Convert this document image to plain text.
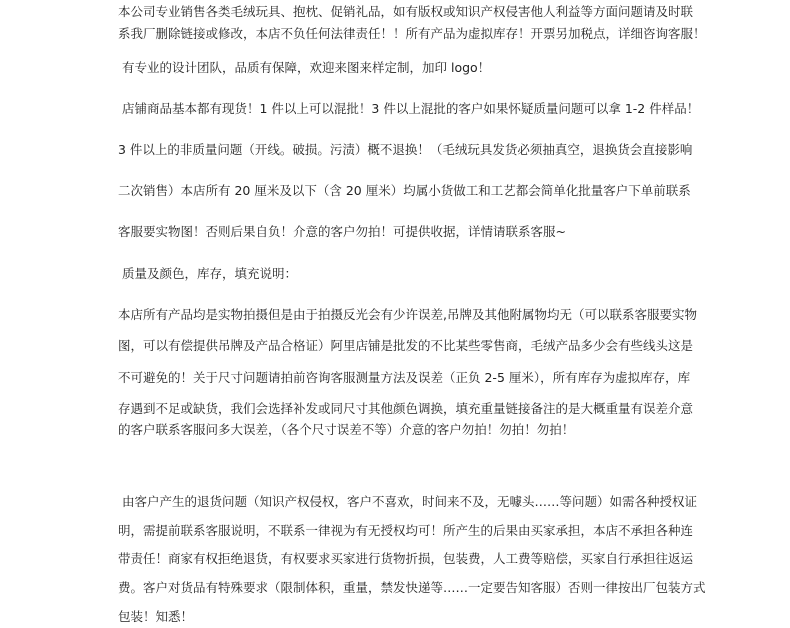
本公司专业销售各类毛绒玩具、抱枕、促销礼品，如有版权或知识产权侵害他人利益等方面问题请及时联
系我厂删除链接或修改，本店不负任何法律责任！！所有产品为虚拟库存！开票另加税点，详细咨询客服！
有专业的设计团队，品质有保障，欢迎来图来样定制，加印 logo！
店铺商品基本都有现货！1 件以上可以混批！3 件以上混批的客户如果怀疑质量问题可以拿 1-2 件样品！
3 件以上的非质量问题（开线。破损。污渍）概不退换！（毛绒玩具发货必须抽真空，退换货会直接影响
二次销售）本店所有 20 厘米及以下（含 20 厘米）均属小货做工和工艺都会简单化批量客户下单前联系
客服要实物图！否则后果自负！介意的客户勿拍！可提供收据，详情请联系客服~
质量及颜色，库存，填充说明：
本店所有产品均是实物拍摄但是由于拍摄反光会有少许误差,吊牌及其他附属物均无（可以联系客服要实物
图，可以有偿提供吊牌及产品合格证）阿里店铺是批发的不比某些零售商，毛绒产品多少会有些线头这是
不可避免的！关于尺寸问题请拍前咨询客服测量方法及误差（正负 2-5 厘米），所有库存为虚拟库存，库
存遇到不足或缺货，我们会选择补发或同尺寸其他颜色调换，填充重量链接备注的是大概重量有误差介意
的客户联系客服问多大误差，（各个尺寸误差不等）介意的客户勿拍！勿拍！勿拍！
由客户产生的退货问题（知识产权侵权，客户不喜欢，时间来不及，无噱头……等问题）如需各种授权证
明，需提前联系客服说明，不联系一律视为有无授权均可！所产生的后果由买家承担，本店不承担各种连
带责任！商家有权拒绝退货，有权要求买家进行货物折损，包装费，人工费等赔偿，买家自行承担往返运
费。客户对货品有特殊要求（限制体积，重量，禁发快递等……一定要告知客服）否则一律按出厂包装方式
包装！知悉！
